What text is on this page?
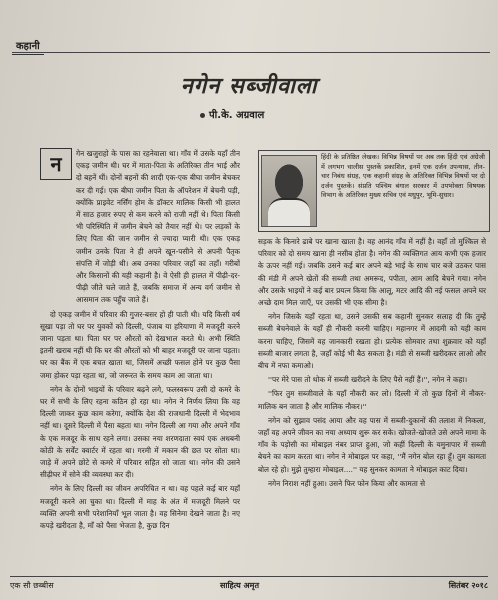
कहानी
नगेन सब्जीवाला
पी.के. अग्रवाल
हिंदी के प्रतिष्ठित लेखक। विभिन्न विषयों पर अब तक हिंदी एवं अंग्रेजी में लगभग चालीस पुस्तकें प्रकाशित, इनमें एक दर्जन उपन्यास, तीन-चार निबंध संग्रह, एक कहानी संग्रह के अतिरिक्त विभिन्न विषयों पर दो दर्जन पुस्तकें। संप्रति पश्चिम बंगाल सरकार में उपभोक्ता विषयक विभाग के अतिरिक्त मुख्य सचिव एवं मधुपुर, भूमि-सुधार।
न	गेन खजुराहो के पास का रहनेवाला था। गाँव में उसके यहाँ तीन एकड़ जमीन थी। घर में माता-पिता के अतिरिक्त तीन भाई और दो बहनें थीं। दोनों बहनों की शादी एक-एक बीघा जमीन बेचकर कर दी गई। एक बीघा जमीन पिता के ऑपरेशन में बेचनी पड़ी, क्योंकि प्राइवेट नर्सिंग होम के डॉक्टर मालिक किसी भी हालत में साठ हजार रुपए से कम करने को राजी नहीं थे। पिता किसी भी परिस्थिति में जमीन बेचने को तैयार नहीं थे। पर लड़कों के लिए पिता की जान जमीन से ज्यादा प्यारी थी। एक एकड़ जमीन उनके पिता ने ही अपने खून-पसीने से अपनी पैतृक संपत्ति में जोड़ी थी। अब उनका परिवार जहाँ का तहाँ। गरीबों और किसानों की यही कहानी है। वे ऐसी ही हालत में पीढ़ी-दर-पीढ़ी जीते चले जाते हैं, जबकि समाज में अन्य वर्ग जमीन से आसमान तक पहुँच जाते हैं।

दो एकड़ जमीन में परिवार की गुजर-बसर हो ही पाती थी। यदि किसी वर्ष सूखा पड़ा तो घर पर युवकों को दिल्ली, पंजाब या हरियाणा में मजदूरी करने जाना पड़ता था। पिता घर पर औरतों को देखभाल करते थे। अभी स्थिति इतनी खराब नहीं थी कि घर की औरतों को भी बाहर मजदूरी पर जाना पड़ता। घर का बैंक में एक बचत खाता था, जिसमें अच्छी फसल होने पर कुछ पैसा जमा होकर पड़ा रहता था, जो जरूरत के समय काम आ जाता था।

नगेन के दोनों भाइयों के परिवार बढ़ने लगे, फलस्वरूप उसी दो कमरे के घर में सभी के लिए रहना कठिन हो रहा था। नगेन ने निर्णय लिया कि वह दिल्ली जाकर कुछ काम करेगा, क्योंकि देश की राजधानी दिल्ली में भेदभाव नहीं था। दूसरे दिल्ली में पैसा बहता था। नगेन दिल्ली आ गया और अपने गाँव के एक मजदूर के साथ रहने लगा। उसका नया शरणदाता स्वयं एक अधबनी कोठी के सर्वेंट क्वार्टर में रहता था। गरमी में मकान की छत पर सोता था। जाड़े में अपने छोटे से कमरे में परिवार सहित सो जाता था। नगेन की उसने सीढ़ीघर में सोने की व्यवस्था कर दी।

नगेन के लिए दिल्ली का जीवन अपरिचित न था। वह पहले कई बार यहाँ मजदूरी करने आ चुका था। दिल्ली में माह के अंत में मजदूरी मिलने पर व्यक्ति अपनी सभी परेशानियाँ भूल जाता है। वह सिनेमा देखने जाता है। नए कपड़े खरीदता है, माँ को पैसा भेजता है, कुछ दिन

सड़क के किनारे ढाबे पर खाना खाता है। वह आनंद गाँव में नहीं है। वहाँ तो मुश्किल से परिवार को दो समय खाना ही नसीब होता है। नगेन की व्यक्तिगत आय कभी एक हजार के ऊपर नहीं गई। जबकि उसने कई बार अपने बड़े भाई के साथ चार बजे उठकर पास की मंडी में अपने खेतों की सब्जी तथा अमरूद, पपीता, आम आदि बेचने गया। नगेन और उसके भाइयों ने कई बार प्रयत्न किया कि आलू, मटर आदि की नई फसल अपने घर अच्छे दाम मिल जाएँ, पर उसकी भी एक सीमा है।

नगेन जिसके यहाँ रहता था, उसने उसकी सब कहानी सुनकर सलाह दी कि तुम्हें सब्जी बेचनेवाले के यहाँ ही नौकरी करनी चाहिए। महानगर में आदमी को यही काम करना चाहिए, जिसमें वह जानकारी रखता हो। प्रत्येक सोमवार तथा शुक्रवार को यहाँ सब्जी बाजार लगता है, जहाँ कोई भी बैठ सकता है। मंडी से सब्जी खरीदकर लाओ और बीच में नफा कमाओ।

''पर मेरे पास तो थोक में सब्जी खरीदने के लिए पैसे नहीं हैं।'', नगेन ने कहा।

''फिर तुम सब्जीवाले के यहाँ नौकरी कर लो। दिल्ली में तो कुछ दिनों में नौकर-मालिक बन जाता है और मालिक नौकर।''

नगेन को सुझाव पसंद आया और वह पास में सब्जी-दुकानों की तलाश में निकला, जहाँ वह अपने जीवन का नया अध्याय शुरू कर सके। खोजते-खोजते उसे अपने मामा के गाँव के पड़ोसी का मोबाइल नंबर प्राप्त हुआ, जो कहीं दिल्ली के यमुनापार में सब्जी बेचने का काम करता था। नगेन ने मोबाइल पर कहा, ''मैं नगेन बोल रहा हूँ। तुम कामता बोल रहे हो। मुझे तुम्हारा मोबाइल....'' यह सुनकर कामता ने मोबाइल काट दिया।

नगेन निराश नहीं हुआ। उसने फिर फोन किया और कामता से

एक सौ छब्बीस	साहित्य अमृत	सितंबर २०१८
